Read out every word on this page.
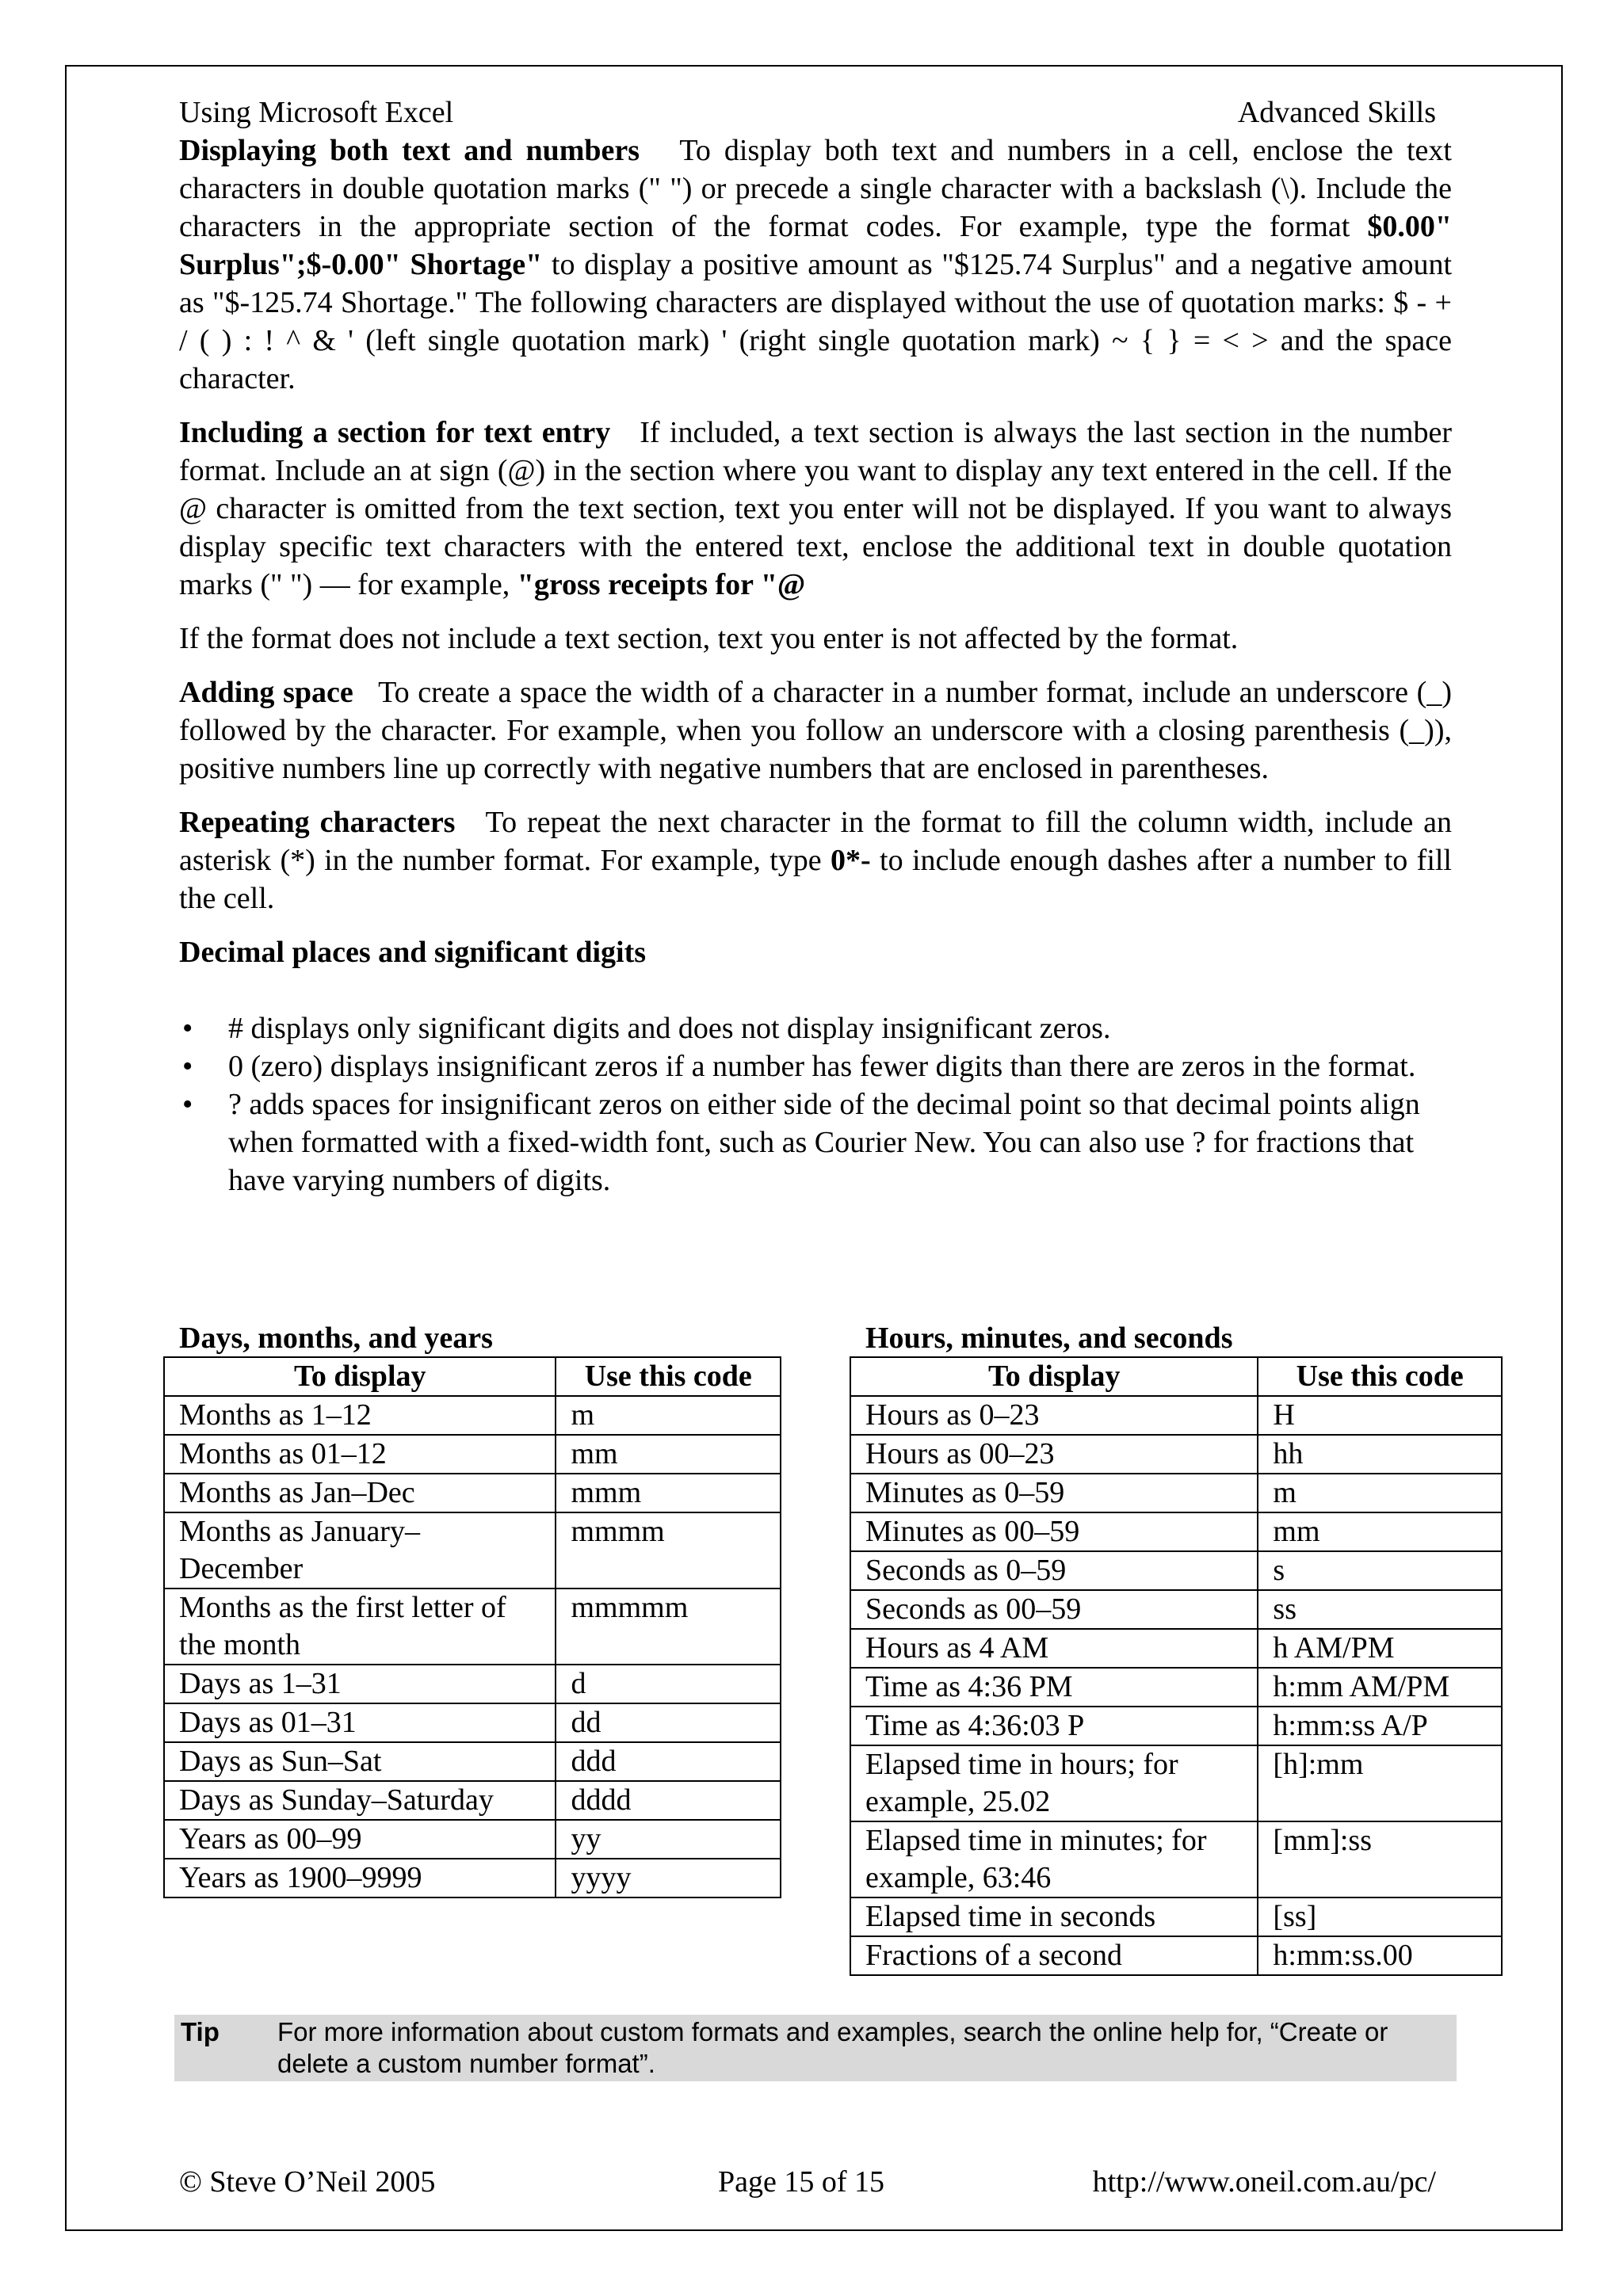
Using Microsoft Excel	Advanced Skills

Displaying both text and numbers To display both text and numbers in a cell, enclose the text characters in double quotation marks (" ") or precede a single character with a backslash (\). Include the characters in the appropriate section of the format codes. For example, type the format $0.00" Surplus";$-0.00" Shortage" to display a positive amount as "$125.74 Surplus" and a negative amount as "$-125.74 Shortage." The following characters are displayed without the use of quotation marks: $ - + / ( ) : ! ^ & ' (left single quotation mark) ' (right single quotation mark) ~ { } = < > and the space character.

Including a section for text entry If included, a text section is always the last section in the number format. Include an at sign (@) in the section where you want to display any text entered in the cell. If the @ character is omitted from the text section, text you enter will not be displayed. If you want to always display specific text characters with the entered text, enclose the additional text in double quotation marks (" ") — for example, "gross receipts for "@

If the format does not include a text section, text you enter is not affected by the format.

Adding space To create a space the width of a character in a number format, include an underscore (_) followed by the character. For example, when you follow an underscore with a closing parenthesis (_)), positive numbers line up correctly with negative numbers that are enclosed in parentheses.

Repeating characters To repeat the next character in the format to fill the column width, include an asterisk (*) in the number format. For example, type 0*- to include enough dashes after a number to fill the cell.

Decimal places and significant digits
• # displays only significant digits and does not display insignificant zeros.
• 0 (zero) displays insignificant zeros if a number has fewer digits than there are zeros in the format.
• ? adds spaces for insignificant zeros on either side of the decimal point so that decimal points align when formatted with a fixed-width font, such as Courier New. You can also use ? for fractions that have varying numbers of digits.
Days, months, and years
To display	Use this code
Months as 1–12	m
Months as 01–12	mm
Months as Jan–Dec	mmm
Months as January–December	mmmm
Months as the first letter of the month	mmmmm
Days as 1–31	d
Days as 01–31	dd
Days as Sun–Sat	ddd
Days as Sunday–Saturday	dddd
Years as 00–99	yy
Years as 1900–9999	yyyy
Hours, minutes, and seconds
To display	Use this code
Hours as 0–23	H
Hours as 00–23	hh
Minutes as 0–59	m
Minutes as 00–59	mm
Seconds as 0–59	s
Seconds as 00–59	ss
Hours as 4 AM	h AM/PM
Time as 4:36 PM	h:mm AM/PM
Time as 4:36:03 P	h:mm:ss A/P
Elapsed time in hours; for example, 25.02	[h]:mm
Elapsed time in minutes; for example, 63:46	[mm]:ss
Elapsed time in seconds	[ss]
Fractions of a second	h:mm:ss.00
Tip For more information about custom formats and examples, search the online help for, “Create or delete a custom number format”.
© Steve O’Neil 2005	Page 15 of 15	http://www.oneil.com.au/pc/
